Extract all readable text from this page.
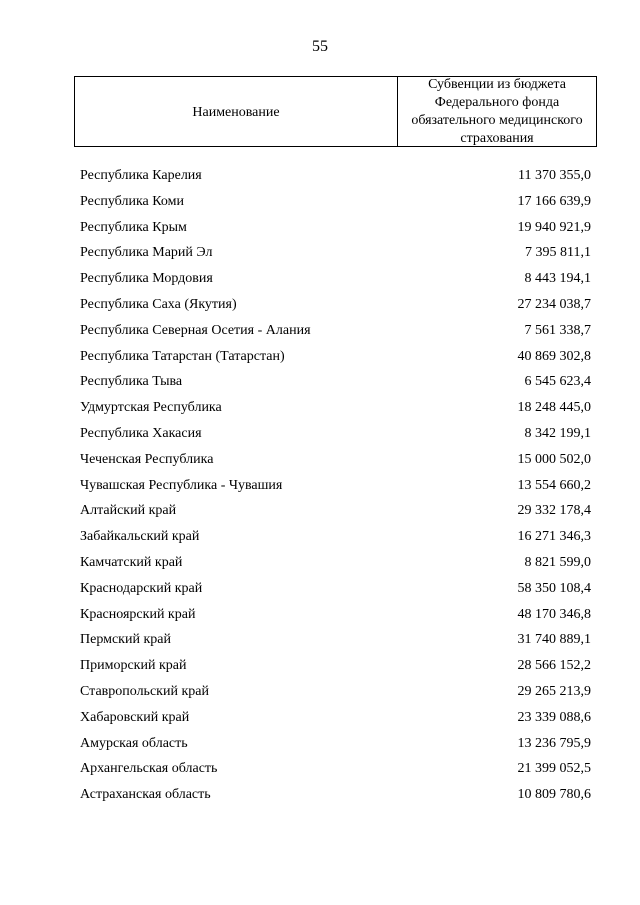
55
Наименование
Субвенции из бюджета
Федерального фонда
обязательного медицинского
страхования
Республика Карелия	11 370 355,0
Республика Коми	17 166 639,9
Республика Крым	19 940 921,9
Республика Марий Эл	7 395 811,1
Республика Мордовия	8 443 194,1
Республика Саха (Якутия)	27 234 038,7
Республика Северная Осетия - Алания	7 561 338,7
Республика Татарстан (Татарстан)	40 869 302,8
Республика Тыва	6 545 623,4
Удмуртская Республика	18 248 445,0
Республика Хакасия	8 342 199,1
Чеченская Республика	15 000 502,0
Чувашская Республика - Чувашия	13 554 660,2
Алтайский край	29 332 178,4
Забайкальский край	16 271 346,3
Камчатский край	8 821 599,0
Краснодарский край	58 350 108,4
Красноярский край	48 170 346,8
Пермский край	31 740 889,1
Приморский край	28 566 152,2
Ставропольский край	29 265 213,9
Хабаровский край	23 339 088,6
Амурская область	13 236 795,9
Архангельская область	21 399 052,5
Астраханская область	10 809 780,6
